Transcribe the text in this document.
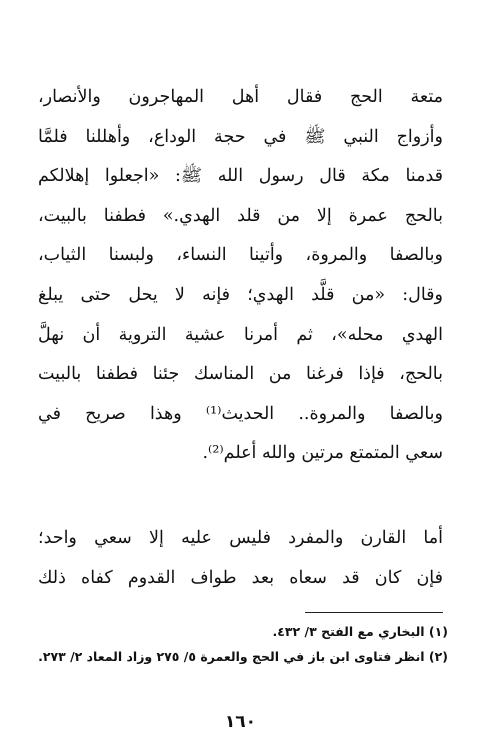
متعة الحج فقال أهل المهاجرون والأنصار،
وأزواج النبي ﷺ في حجة الوداع، وأهللنا فلمَّا
قدمنا مكة قال رسول الله ﷺ: «اجعلوا إهلالكم
بالحج عمرة إلا من قلد الهدي.» فطفنا بالبيت،
وبالصفا والمروة، وأتينا النساء، ولبسنا الثياب،
وقال: «من قلَّد الهدي؛ فإنه لا يحل حتى يبلغ
الهدي محله»، ثم أمرنا عشية التروية أن نهلَّ
بالحج، فإذا فرغنا من المناسك جئنا فطفنا بالبيت
وبالصفا والمروة.. الحديث⁽¹⁾ وهذا صريح في
سعي المتمتع مرتين والله أعلم⁽²⁾.
أما القارن والمفرد فليس عليه إلا سعي واحد؛
فإن كان قد سعاه بعد طواف القدوم كفاه ذلك
(١) البخاري مع الفتح ٣/ ٤٣٢.
(٢) انظر فتاوى ابن باز في الحج والعمرة ٥/ ٢٧٥ وزاد المعاد ٢/ ٢٧٣.
١٦٠
